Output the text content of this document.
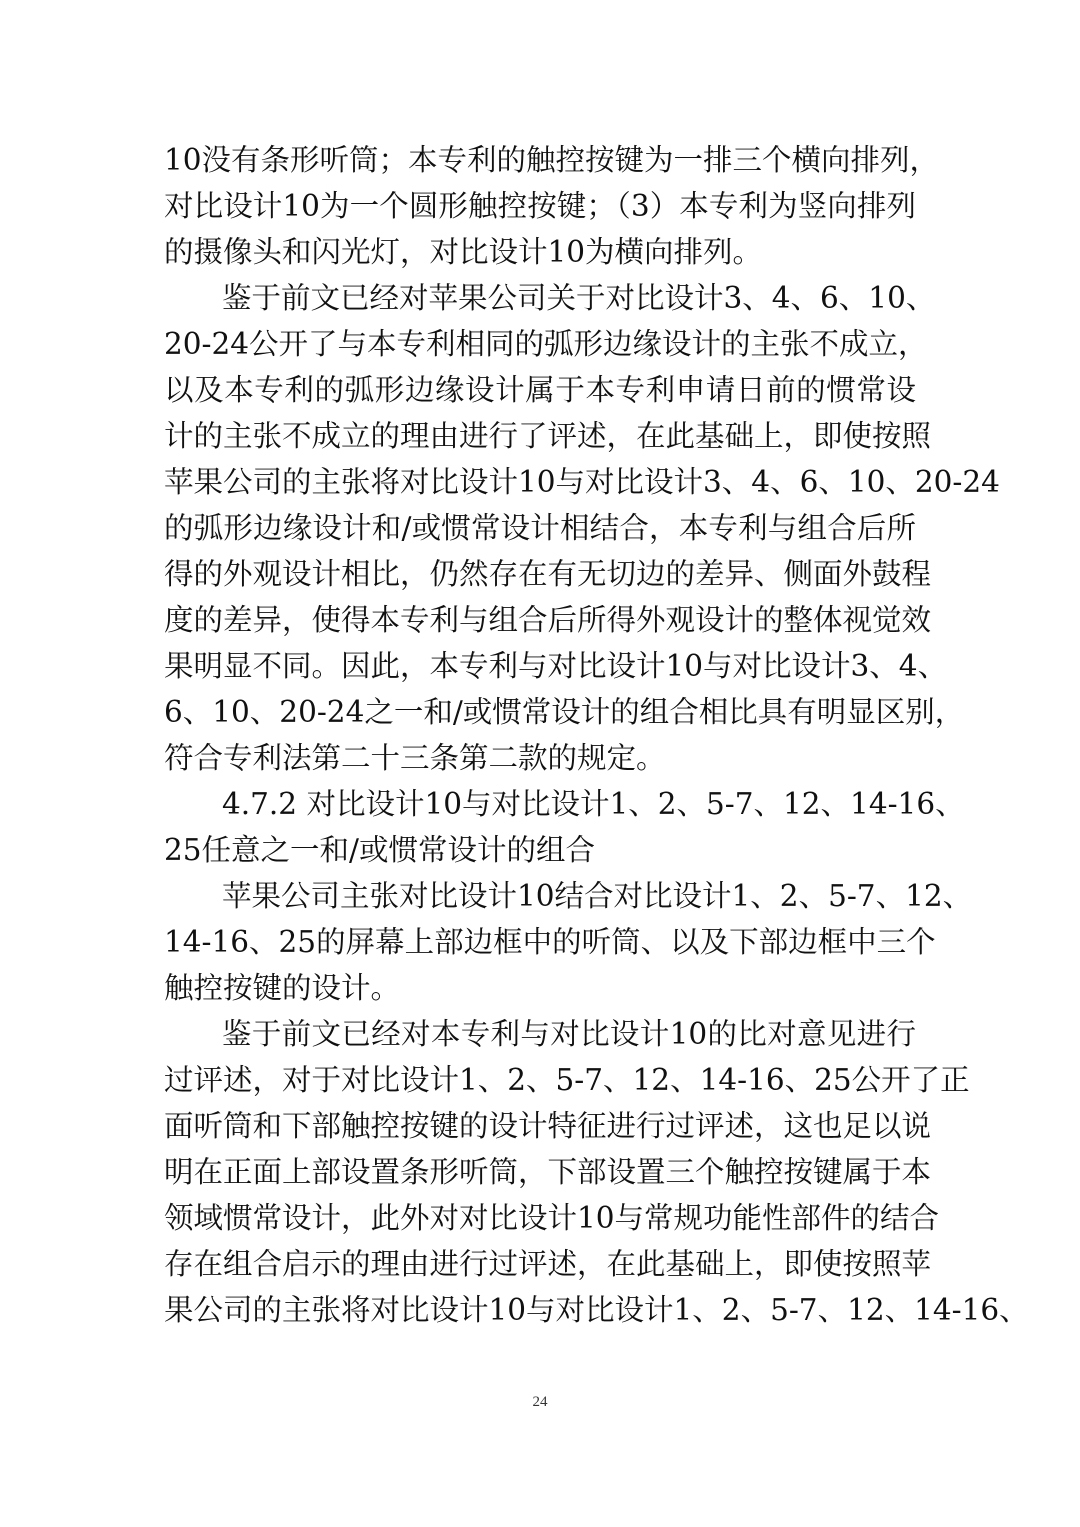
10没有条形听筒；本专利的触控按键为一排三个横向排列，
对比设计10为一个圆形触控按键；（3）本专利为竖向排列
的摄像头和闪光灯，对比设计10为横向排列。
鉴于前文已经对苹果公司关于对比设计3、4、6、10、
20-24公开了与本专利相同的弧形边缘设计的主张不成立，
以及本专利的弧形边缘设计属于本专利申请日前的惯常设
计的主张不成立的理由进行了评述，在此基础上，即使按照
苹果公司的主张将对比设计10与对比设计3、4、6、10、20-24
的弧形边缘设计和/或惯常设计相结合，本专利与组合后所
得的外观设计相比，仍然存在有无切边的差异、侧面外鼓程
度的差异，使得本专利与组合后所得外观设计的整体视觉效
果明显不同。因此，本专利与对比设计10与对比设计3、4、
6、10、20-24之一和/或惯常设计的组合相比具有明显区别，
符合专利法第二十三条第二款的规定。
4.7.2 对比设计10与对比设计1、2、5-7、12、14-16、
25任意之一和/或惯常设计的组合
苹果公司主张对比设计10结合对比设计1、2、5-7、12、
14-16、25的屏幕上部边框中的听筒、以及下部边框中三个
触控按键的设计。
鉴于前文已经对本专利与对比设计10的比对意见进行
过评述，对于对比设计1、2、5-7、12、14-16、25公开了正
面听筒和下部触控按键的设计特征进行过评述，这也足以说
明在正面上部设置条形听筒，下部设置三个触控按键属于本
领域惯常设计，此外对对比设计10与常规功能性部件的结合
存在组合启示的理由进行过评述，在此基础上，即使按照苹
果公司的主张将对比设计10与对比设计1、2、5-7、12、14-16、
24
